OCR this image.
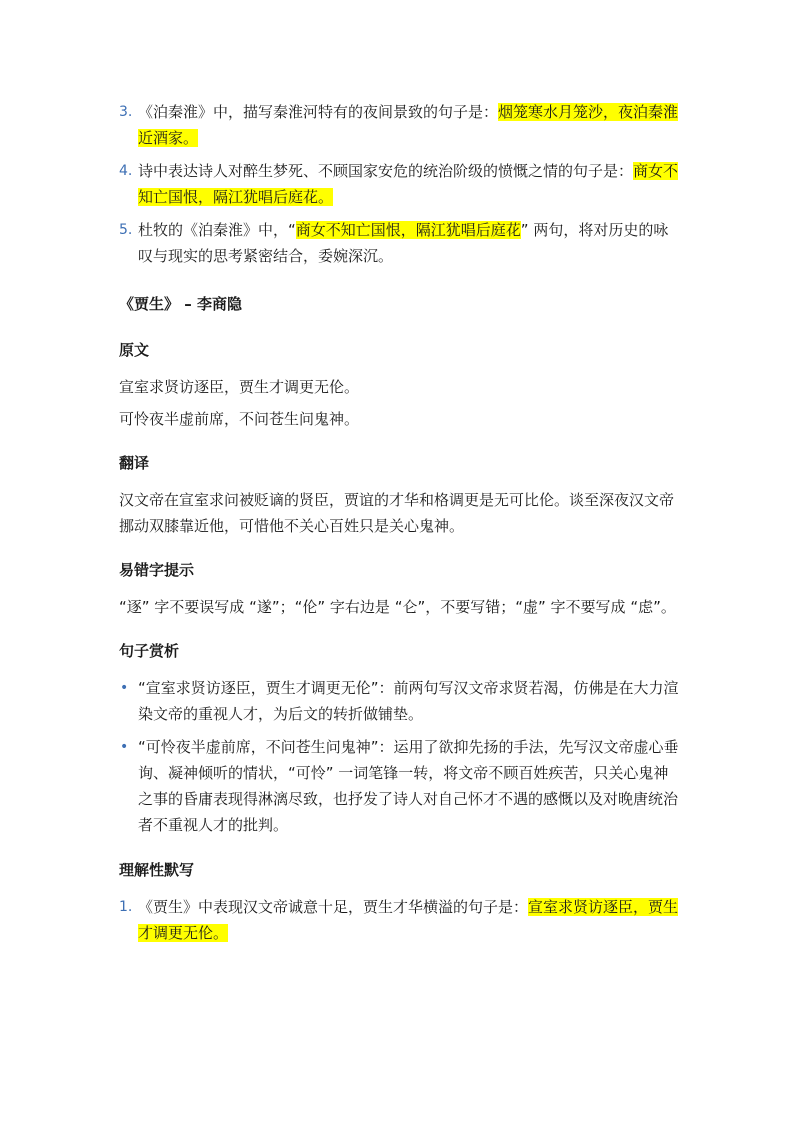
3. 《泊秦淮》中，描写秦淮河特有的夜间景致的句子是：烟笼寒水月笼沙，夜泊秦淮近酒家。
4. 诗中表达诗人对醉生梦死、不顾国家安危的统治阶级的愤慨之情的句子是：商女不知亡国恨，隔江犹唱后庭花。
5. 杜牧的《泊秦淮》中，“商女不知亡国恨，隔江犹唱后庭花” 两句，将对历史的咏叹与现实的思考紧密结合，委婉深沉。
《贾生》 – 李商隐
原文
宣室求贤访逐臣，贾生才调更无伦。
可怜夜半虚前席，不问苍生问鬼神。
翻译
汉文帝在宣室求问被贬谪的贤臣，贾谊的才华和格调更是无可比伦。谈至深夜汉文帝挪动双膝靠近他，可惜他不关心百姓只是关心鬼神。
易错字提示
“逐” 字不要误写成 “遂”；“伦” 字右边是 “仑”，不要写错；“虚” 字不要写成 “虑”。
句子赏析
• “宣室求贤访逐臣，贾生才调更无伦”：前两句写汉文帝求贤若渴，仿佛是在大力渲染文帝的重视人才，为后文的转折做铺垫。
• “可怜夜半虚前席，不问苍生问鬼神”：运用了欲抑先扬的手法，先写汉文帝虚心垂询、凝神倾听的情状，“可怜” 一词笔锋一转，将文帝不顾百姓疾苦，只关心鬼神之事的昏庸表现得淋漓尽致，也抒发了诗人对自己怀才不遇的感慨以及对晚唐统治者不重视人才的批判。
理解性默写
1. 《贾生》中表现汉文帝诚意十足，贾生才华横溢的句子是：宣室求贤访逐臣，贾生才调更无伦。
